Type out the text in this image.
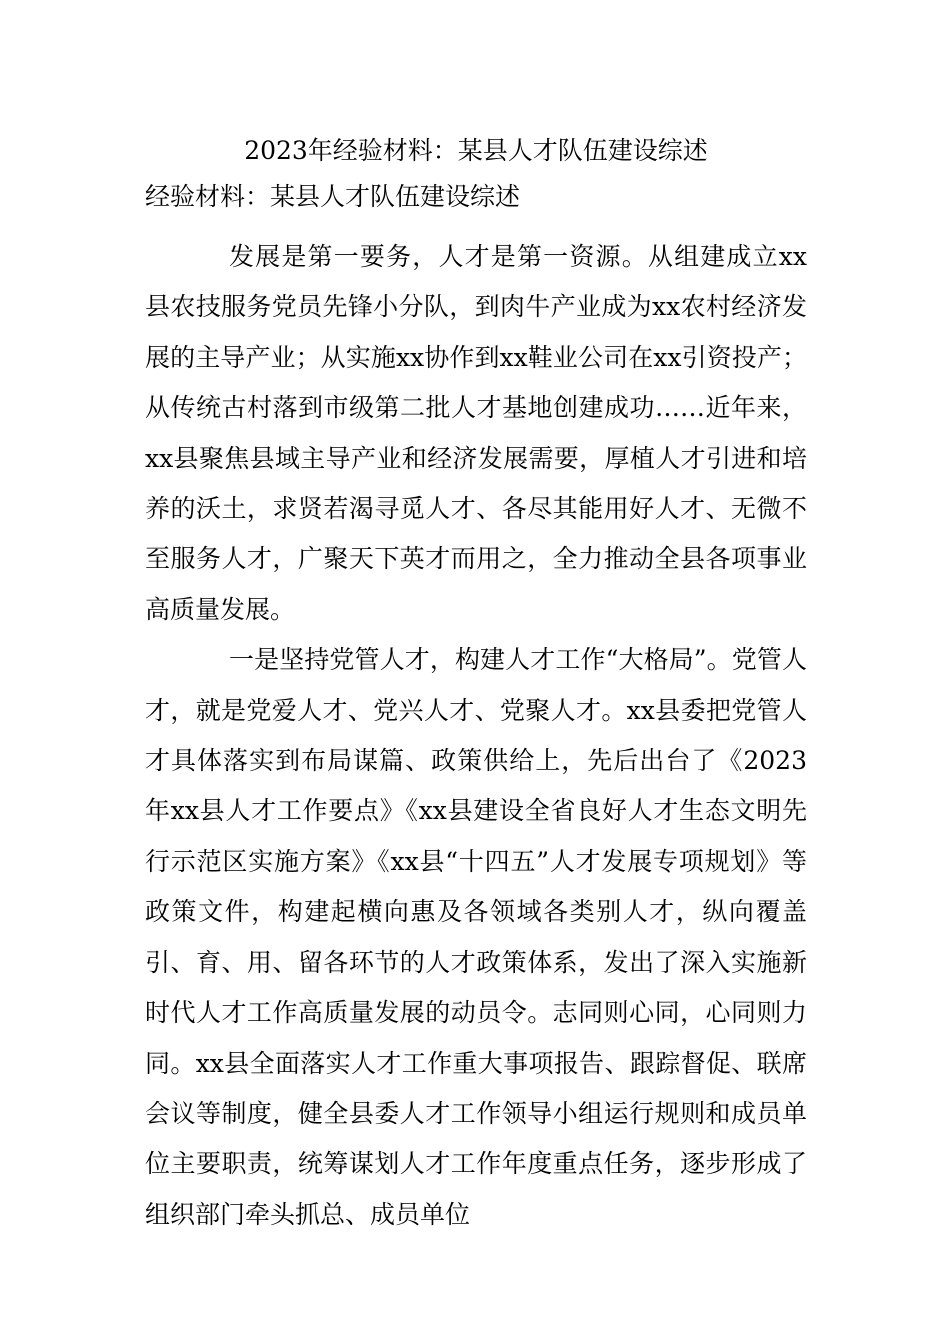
2023年经验材料：某县人才队伍建设综述
经验材料：某县人才队伍建设综述

发展是第一要务，人才是第一资源。从组建成立xx县农技服务党员先锋小分队，到肉牛产业成为xx农村经济发展的主导产业；从实施xx协作到xx鞋业公司在xx引资投产；从传统古村落到市级第二批人才基地创建成功……近年来，xx县聚焦县域主导产业和经济发展需要，厚植人才引进和培养的沃土，求贤若渴寻觅人才、各尽其能用好人才、无微不至服务人才，广聚天下英才而用之，全力推动全县各项事业高质量发展。

一是坚持党管人才，构建人才工作“大格局”。党管人才，就是党爱人才、党兴人才、党聚人才。xx县委把党管人才具体落实到布局谋篇、政策供给上，先后出台了《2023年xx县人才工作要点》《xx县建设全省良好人才生态文明先行示范区实施方案》《xx县“十四五”人才发展专项规划》等政策文件，构建起横向惠及各领域各类别人才，纵向覆盖引、育、用、留各环节的人才政策体系，发出了深入实施新时代人才工作高质量发展的动员令。志同则心同，心同则力同。xx县全面落实人才工作重大事项报告、跟踪督促、联席会议等制度，健全县委人才工作领导小组运行规则和成员单位主要职责，统筹谋划人才工作年度重点任务，逐步形成了组织部门牵头抓总、成员单位
